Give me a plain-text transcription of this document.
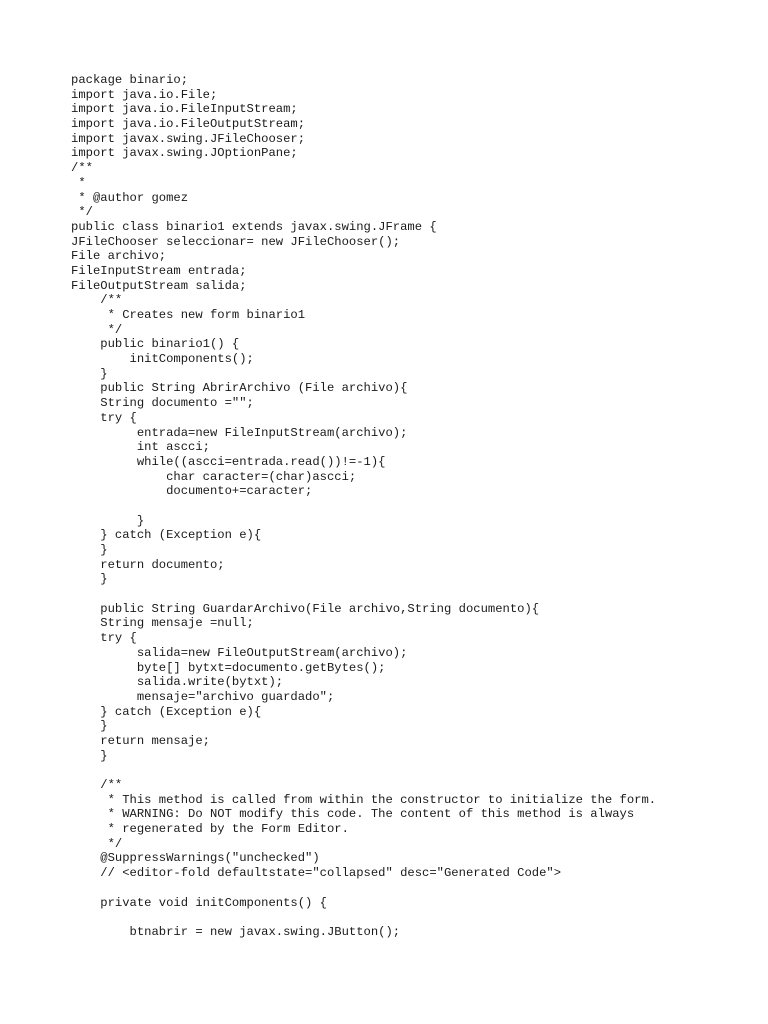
package binario;
import java.io.File;
import java.io.FileInputStream;
import java.io.FileOutputStream;
import javax.swing.JFileChooser;
import javax.swing.JOptionPane;
/**
*
* @author gomez
*/
public class binario1 extends javax.swing.JFrame {
JFileChooser seleccionar= new JFileChooser();
File archivo;
FileInputStream entrada;
FileOutputStream salida;
/**
* Creates new form binario1
*/
public binario1() {
initComponents();
}
public String AbrirArchivo (File archivo){
String documento ="";
try {
entrada=new FileInputStream(archivo);
int ascci;
while((ascci=entrada.read())!=-1){
char caracter=(char)ascci;
documento+=caracter;
}
} catch (Exception e){
}
return documento;
}
public String GuardarArchivo(File archivo,String documento){
String mensaje =null;
try {
salida=new FileOutputStream(archivo);
byte[] bytxt=documento.getBytes();
salida.write(bytxt);
mensaje="archivo guardado";
} catch (Exception e){
}
return mensaje;
}
/**
* This method is called from within the constructor to initialize the form.
* WARNING: Do NOT modify this code. The content of this method is always
* regenerated by the Form Editor.
*/
@SuppressWarnings("unchecked")
// <editor-fold defaultstate="collapsed" desc="Generated Code">
private void initComponents() {
btnabrir = new javax.swing.JButton();
